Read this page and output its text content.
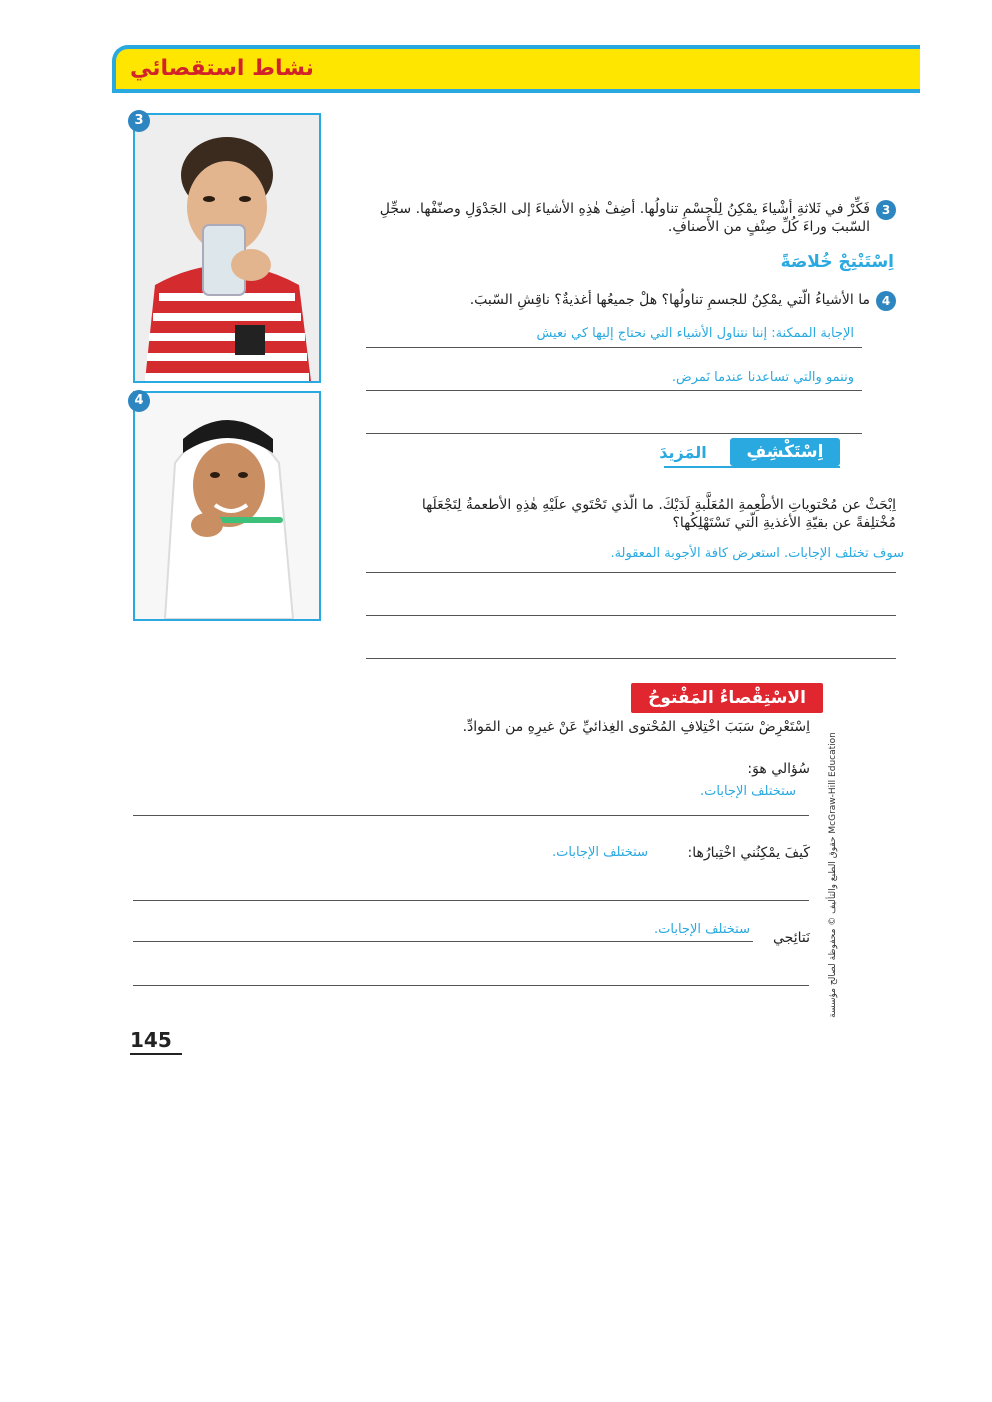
نشاط استقصائي
3
4
3
فَكِّرْ في ثَلاثةِ أشْياءَ يمْكِنُ لِلْجِسْمِ تناولُها. أضِفْ هٰذِهِ الأشياءَ إلى الجَدْوَلِ وصنّفْها. سجِّلِ السّببَ وراءَ كُلِّ صِنْفٍ من الأصنافِ.
اِسْتَنْتِجْ خُلاصَةً
4
ما الأشياءُ الّتي يمْكِنُ للجسمِ تناولُها؟ هلْ جميعُها أغذيةٌ؟ ناقِشِ السّببَ.
الإجابة الممكنة: إننا نتناول الأشياء التي نحتاج إليها كي نعيش
وننمو والتي تساعدنا عندما نَمرض.
اِسْتَكْشِفِ
المَزيدَ
اِبْحَثْ عن مُحْتوياتِ الأطْعِمةِ المُعَلَّبةِ لَدَيْكَ. ما الّذي تَحْتَوي علَيْهِ هٰذِهِ الأطعمةُ لِتَجْعَلَها مُخْتلِفةً عن بقيّةِ الأغذيةِ الّتي تَسْتَهْلِكُها؟
سوف تختلف الإجابات. استعرض كافة الأجوبة المعقولة.
الاسْتِقْصاءُ المَفْتوحُ
اِسْتَعْرِضْ سَبَبَ اخْتِلافِ المُحْتوى الغِذائيِّ عَنْ غيرِهِ من المَوادِّ.
سُؤالي هوَ:
ستختلف الإجابات.
كَيفَ يمْكِنُني اخْتِبارُها:
ستختلف الإجابات.
نَتائِجي
ستختلف الإجابات.	حقوق الطبع والتأليف © محفوظة لصالح مؤسسة McGraw-Hill Education
145
